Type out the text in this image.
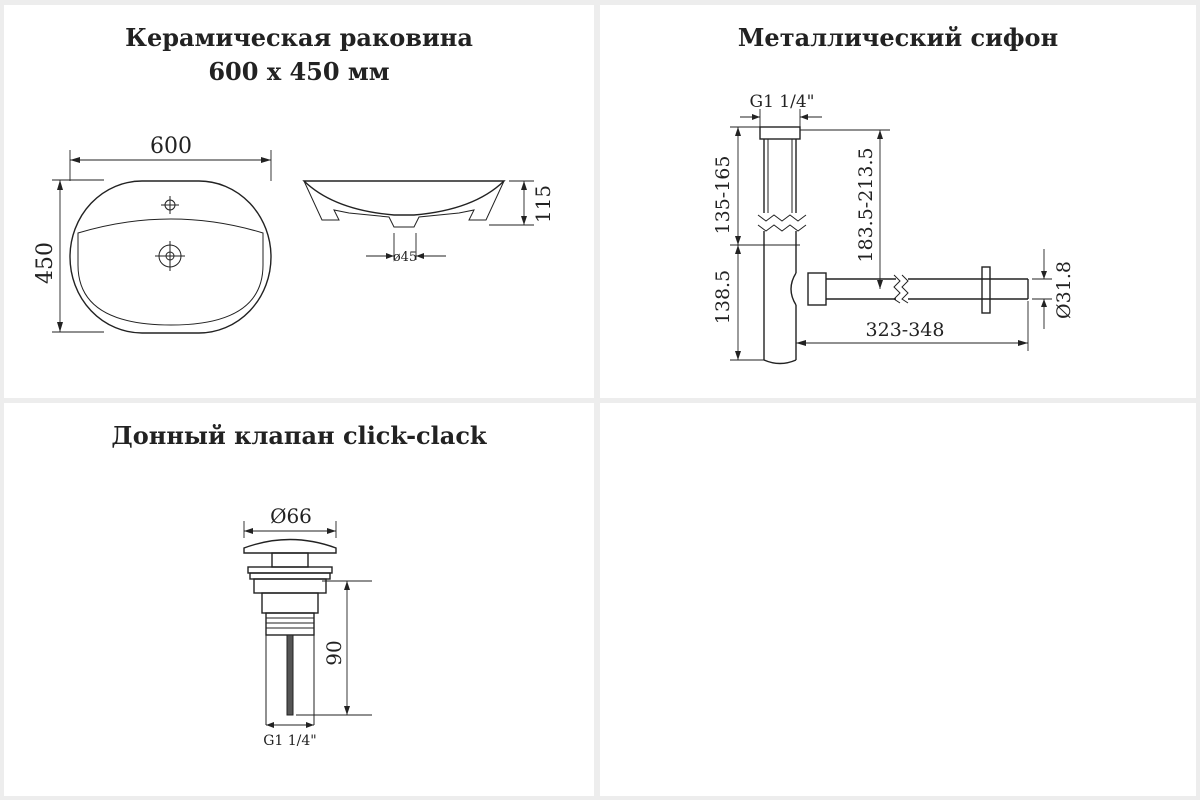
Керамическая раковина
600 x 450 мм
600
450
115
ø45
Металлический сифон
G1 1/4"
135-165
138.5
183.5-213.5
Ø31.8
323-348
Донный клапан click-clack
Ø66
90
G1 1/4"
